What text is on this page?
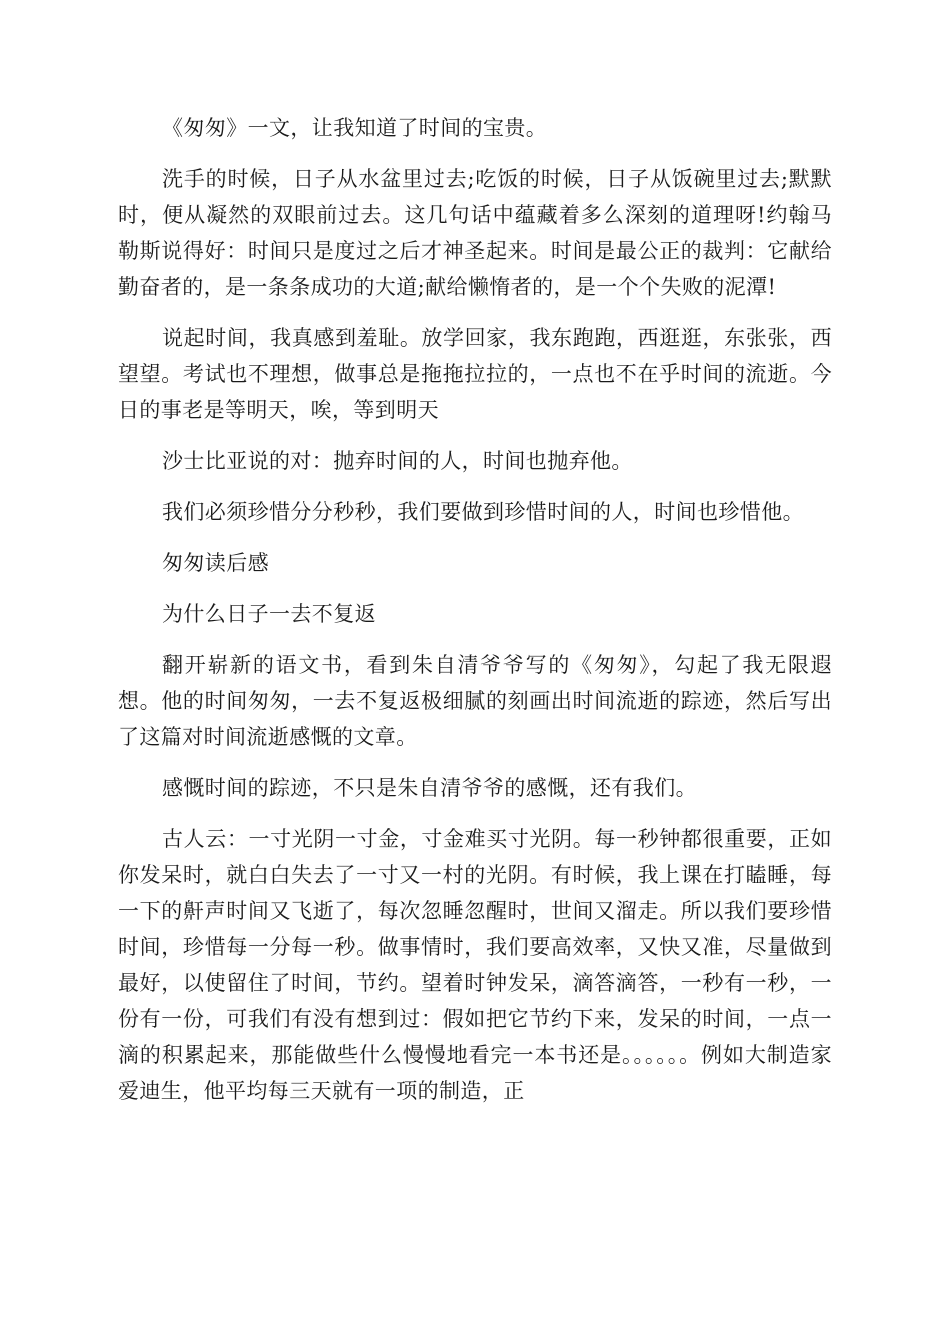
《匆匆》一文，让我知道了时间的宝贵。

洗手的时候，日子从水盆里过去;吃饭的时候，日子从饭碗里过去;默默时，便从凝然的双眼前过去。这几句话中蕴藏着多么深刻的道理呀!约翰马勒斯说得好：时间只是度过之后才神圣起来。时间是最公正的裁判：它献给勤奋者的，是一条条成功的大道;献给懒惰者的，是一个个失败的泥潭!

说起时间，我真感到羞耻。放学回家，我东跑跑，西逛逛，东张张，西望望。考试也不理想，做事总是拖拖拉拉的，一点也不在乎时间的流逝。今日的事老是等明天，唉，等到明天

沙士比亚说的对：抛弃时间的人，时间也抛弃他。

我们必须珍惜分分秒秒，我们要做到珍惜时间的人，时间也珍惜他。

匆匆读后感

为什么日子一去不复返

翻开崭新的语文书，看到朱自清爷爷写的《匆匆》，勾起了我无限遐想。他的时间匆匆，一去不复返极细腻的刻画出时间流逝的踪迹，然后写出了这篇对时间流逝感慨的文章。

感慨时间的踪迹，不只是朱自清爷爷的感慨，还有我们。

古人云：一寸光阴一寸金，寸金难买寸光阴。每一秒钟都很重要，正如你发呆时，就白白失去了一寸又一村的光阴。有时候，我上课在打瞌睡，每一下的鼾声时间又飞逝了，每次忽睡忽醒时，世间又溜走。所以我们要珍惜时间，珍惜每一分每一秒。做事情时，我们要高效率，又快又准，尽量做到最好，以使留住了时间，节约。望着时钟发呆，滴答滴答，一秒有一秒，一份有一份，可我们有没有想到过：假如把它节约下来，发呆的时间，一点一滴的积累起来，那能做些什么慢慢地看完一本书还是。。。。。。例如大制造家爱迪生，他平均每三天就有一项的制造，正
